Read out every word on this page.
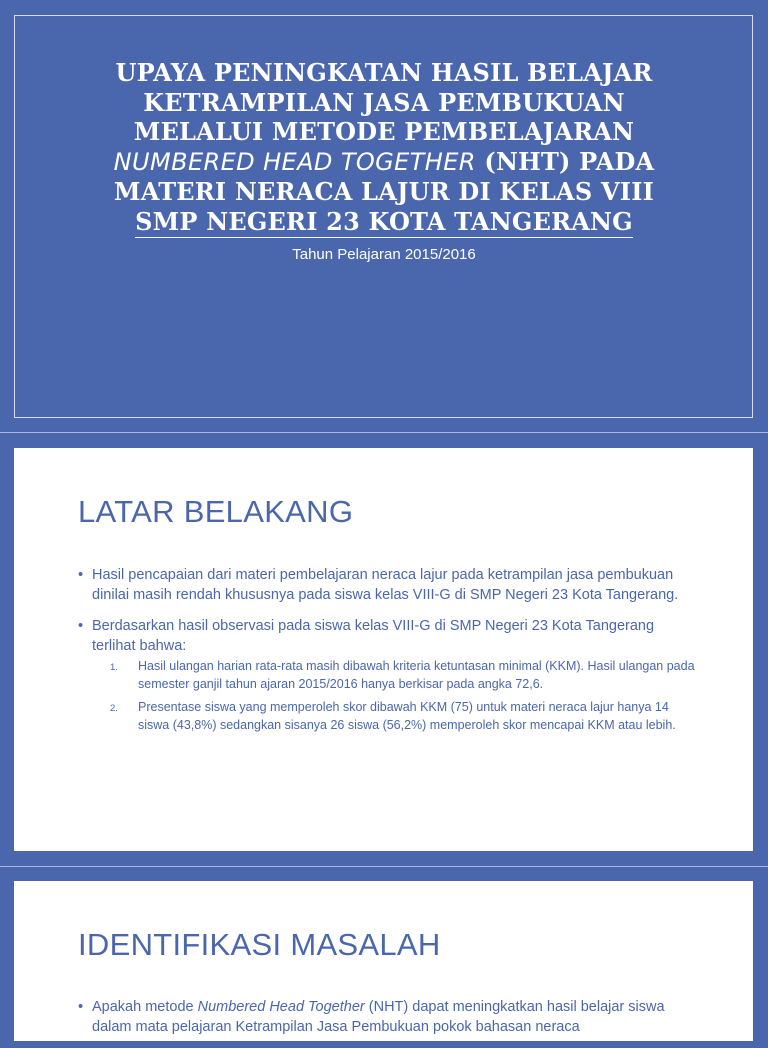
UPAYA PENINGKATAN HASIL BELAJAR
KETRAMPILAN JASA PEMBUKUAN
MELALUI METODE PEMBELAJARAN
NUMBERED HEAD TOGETHER (NHT) PADA
MATERI NERACA LAJUR DI KELAS VIII
SMP NEGERI 23 KOTA TANGERANG
Tahun Pelajaran 2015/2016
LATAR BELAKANG
• Hasil pencapaian dari materi pembelajaran neraca lajur pada ketrampilan jasa pembukuan dinilai masih rendah khususnya pada siswa kelas VIII-G di SMP Negeri 23 Kota Tangerang.
• Berdasarkan hasil observasi pada siswa kelas VIII-G di SMP Negeri 23 Kota Tangerang terlihat bahwa:
1. Hasil ulangan harian rata-rata masih dibawah kriteria ketuntasan minimal (KKM). Hasil ulangan pada semester ganjil tahun ajaran 2015/2016 hanya berkisar pada angka 72,6.
2. Presentase siswa yang memperoleh skor dibawah KKM (75) untuk materi neraca lajur hanya 14 siswa (43,8%) sedangkan sisanya 26 siswa (56,2%) memperoleh skor mencapai KKM atau lebih.
IDENTIFIKASI MASALAH
• Apakah metode Numbered Head Together (NHT) dapat meningkatkan hasil belajar siswa dalam mata pelajaran Ketrampilan Jasa Pembukuan pokok bahasan neraca
